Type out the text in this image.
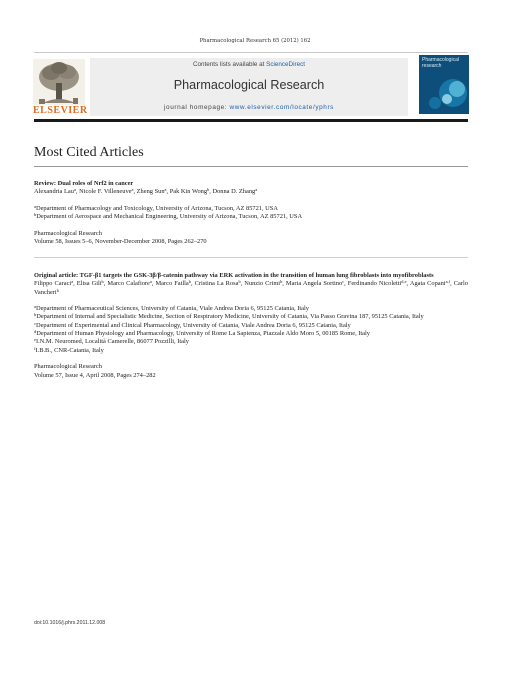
Pharmacological Research 65 (2012) 162
ELSEVIER
Contents lists available at ScienceDirect
Pharmacological Research
journal homepage: www.elsevier.com/locate/yphrs
Pharmacological research
Most Cited Articles
Review: Dual roles of Nrf2 in cancer
Alexandria Lau$^a$, Nicole F. Villeneuve$^a$, Zheng Sun$^a$, Pak Kin Wong$^b$, Donna D. Zhang$^a$
$^a$Department of Pharmacology and Toxicology, University of Arizona, Tucson, AZ 85721, USA
$^b$Department of Aerospace and Mechanical Engineering, University of Arizona, Tucson, AZ 85721, USA
Pharmacological Research
Volume 58, Issues 5–6, November-December 2008, Pages 262–270
Original article: TGF-β1 targets the GSK-3β/β-catenin pathway via ERK activation in the transition of human lung fibroblasts into myofibroblasts
Filippo Caraci$^a$, Elisa Gili$^b$, Marco Calafiore$^a$, Marco Failla$^b$, Cristina La Rosa$^b$, Nunzio Crimi$^b$, Maria Angela Sortino$^c$, Ferdinando Nicoletti$^{d,e}$, Agata Copani$^{a,f}$, Carlo Vancheri$^b$
$^a$Department of Pharmaceutical Sciences, University of Catania, Viale Andrea Doria 6, 95125 Catania, Italy
$^b$Department of Internal and Specialistic Medicine, Section of Respiratory Medicine, University of Catania, Via Passo Gravina 187, 95125 Catania, Italy
$^c$Department of Experimental and Clinical Pharmacology, University of Catania, Viale Andrea Doria 6, 95125 Catania, Italy
$^d$Department of Human Physiology and Pharmacology, University of Rome La Sapienza, Piazzale Aldo Moro 5, 00185 Rome, Italy
$^e$I.N.M. Neuromed, Località Camerelle, 86077 Pozzilli, Italy
$^f$I.B.B., CNR-Catania, Italy
Pharmacological Research
Volume 57, Issue 4, April 2008, Pages 274–282
doi:10.1016/j.phrs.2011.12.008
